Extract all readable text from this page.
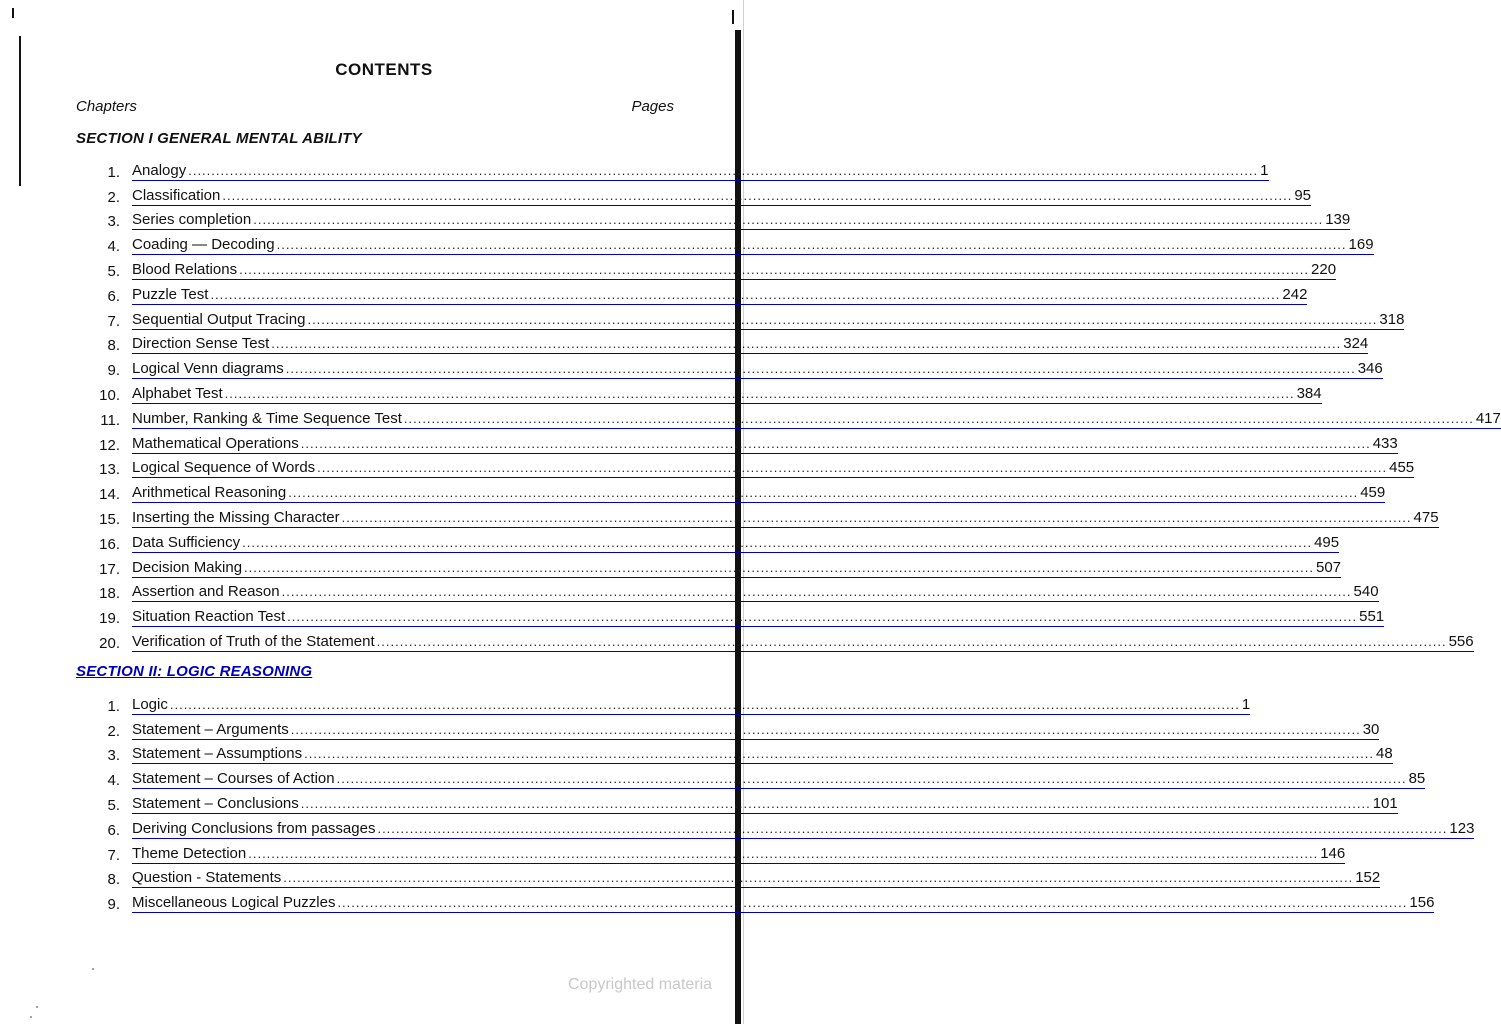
CONTENTS
Chapters	Pages
SECTION I GENERAL MENTAL ABILITY
1. Analogy .....	1
2. Classification .....	95
3. Series completion .....	139
4. Coading — Decoding .....	169
5. Blood Relations .....	220
6. Puzzle Test .....	242
7. Sequential Output Tracing .....	318
8. Direction Sense Test .....	324
9. Logical Venn diagrams .....	346
10. Alphabet Test .....	384
11. Number, Ranking & Time Sequence Test .....	417
12. Mathematical Operations .....	433
13. Logical Sequence of Words .....	455
14. Arithmetical Reasoning .....	459
15. Inserting the Missing Character .....	475
16. Data Sufficiency .....	495
17. Decision Making .....	507
18. Assertion and Reason .....	540
19. Situation Reaction Test .....	551
20. Verification of Truth of the Statement .....	556
SECTION II: LOGIC REASONING
1. Logic .....	1
2. Statement – Arguments .....	30
3. Statement – Assumptions .....	48
4. Statement – Courses of Action .....	85
5. Statement – Conclusions .....	101
6. Deriving Conclusions from passages .....	123
7. Theme Detection .....	146
8. Question - Statements .....	152
9. Miscellaneous Logical Puzzles .....	156
Copyrighted materia
